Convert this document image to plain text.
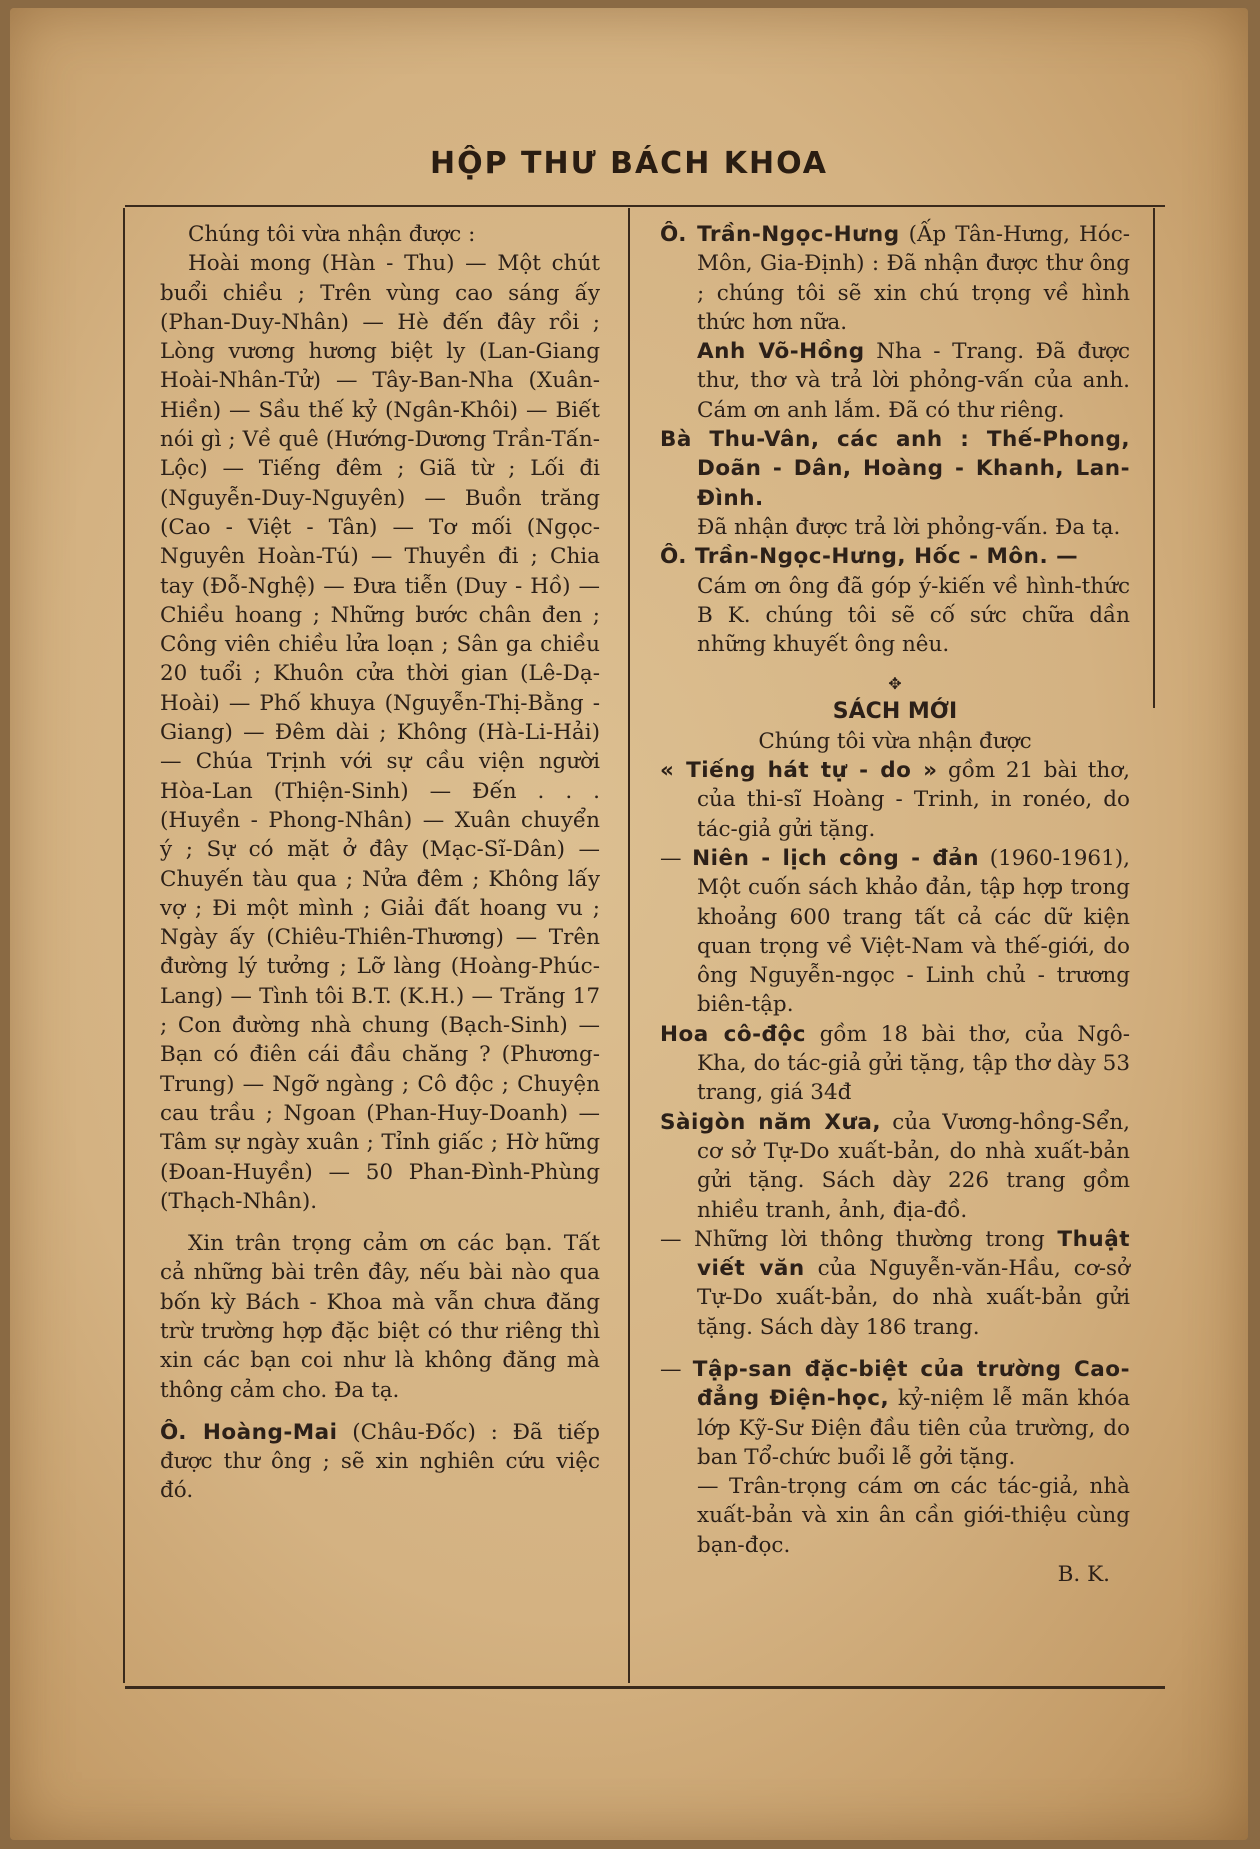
HỘP THƯ BÁCH KHOA

Chúng tôi vừa nhận được :

Hoài mong (Hàn - Thu) — Một chút buổi chiều ; Trên vùng cao sáng ấy (Phan-Duy-Nhân) — Hè đến đây rồi ; Lòng vương hương biệt ly (Lan-Giang Hoài-Nhân-Tử) — Tây-Ban-Nha (Xuân-Hiền) — Sầu thế kỷ (Ngân-Khôi) — Biết nói gì ; Về quê (Hướng-Dương Trần-Tấn-Lộc) — Tiếng đêm ; Giã từ ; Lối đi (Nguyễn-Duy-Nguyên) — Buồn trăng (Cao - Việt - Tân) — Tơ mối (Ngọc-Nguyên Hoàn-Tú) — Thuyền đi ; Chia tay (Đỗ-Nghệ) — Đưa tiễn (Duy - Hồ) — Chiều hoang ; Những bước chân đen ; Công viên chiều lửa loạn ; Sân ga chiều 20 tuổi ; Khuôn cửa thời gian (Lê-Dạ-Hoài) — Phố khuya (Nguyễn-Thị-Bằng - Giang) — Đêm dài ; Không (Hà-Li-Hải) — Chúa Trịnh với sự cầu viện người Hòa-Lan (Thiện-Sinh) — Đến . . . (Huyền - Phong-Nhân) — Xuân chuyển ý ; Sự có mặt ở đây (Mạc-Sĩ-Dân) — Chuyến tàu qua ; Nửa đêm ; Không lấy vợ ; Đi một mình ; Giải đất hoang vu ; Ngày ấy (Chiêu-Thiên-Thương) — Trên đường lý tưởng ; Lỡ làng (Hoàng-Phúc-Lang) — Tình tôi B.T. (K.H.) — Trăng 17 ; Con đường nhà chung (Bạch-Sinh) — Bạn có điên cái đầu chăng ? (Phương-Trung) — Ngỡ ngàng ; Cô độc ; Chuyện cau trầu ; Ngoan (Phan-Huy-Doanh) — Tâm sự ngày xuân ; Tỉnh giấc ; Hờ hững (Đoan-Huyền) — 50 Phan-Đình-Phùng (Thạch-Nhân).

Xin trân trọng cảm ơn các bạn. Tất cả những bài trên đây, nếu bài nào qua bốn kỳ Bách - Khoa mà vẫn chưa đăng trừ trường hợp đặc biệt có thư riêng thì xin các bạn coi như là không đăng mà thông cảm cho. Đa tạ.

Ô. Hoàng-Mai (Châu-Đốc) : Đã tiếp được thư ông ; sẽ xin nghiên cứu việc đó.

Ô. Trần-Ngọc-Hưng (Ấp Tân-Hưng, Hóc-Môn, Gia-Định) : Đã nhận được thư ông ; chúng tôi sẽ xin chú trọng về hình thức hơn nữa.

Anh Võ-Hồng Nha - Trang. Đã được thư, thơ và trả lời phỏng-vấn của anh. Cám ơn anh lắm. Đã có thư riêng.

Bà Thu-Vân, các anh : Thế-Phong, Doãn - Dân, Hoàng - Khanh, Lan-Đình.

Đã nhận được trả lời phỏng-vấn. Đa tạ.

Ô. Trần-Ngọc-Hưng, Hốc - Môn. —

Cám ơn ông đã góp ý-kiến về hình-thức B K. chúng tôi sẽ cố sức chữa dần những khuyết ông nêu.

✥

SÁCH MỚI

Chúng tôi vừa nhận được

« Tiếng hát tự - do » gồm 21 bài thơ, của thi-sĩ Hoàng - Trinh, in ronéo, do tác-giả gửi tặng.

— Niên - lịch công - đản (1960-1961), Một cuốn sách khảo đản, tập hợp trong khoảng 600 trang tất cả các dữ kiện quan trọng về Việt-Nam và thế-giới, do ông Nguyễn-ngọc - Linh chủ - trương biên-tập.

Hoa cô-độc gồm 18 bài thơ, của Ngô-Kha, do tác-giả gửi tặng, tập thơ dày 53 trang, giá 34đ

Sàigòn năm Xưa, của Vương-hồng-Sển, cơ sở Tự-Do xuất-bản, do nhà xuất-bản gửi tặng. Sách dày 226 trang gồm nhiều tranh, ảnh, địa-đồ.

— Những lời thông thường trong Thuật viết văn của Nguyễn-văn-Hầu, cơ-sở Tự-Do xuất-bản, do nhà xuất-bản gửi tặng. Sách dày 186 trang.

— Tập-san đặc-biệt của trường Cao-đẳng Điện-học, kỷ-niệm lễ mãn khóa lớp Kỹ-Sư Điện đầu tiên của trường, do ban Tổ-chức buổi lễ gởi tặng.

— Trân-trọng cám ơn các tác-giả, nhà xuất-bản và xin ân cần giới-thiệu cùng bạn-đọc.

B. K.
